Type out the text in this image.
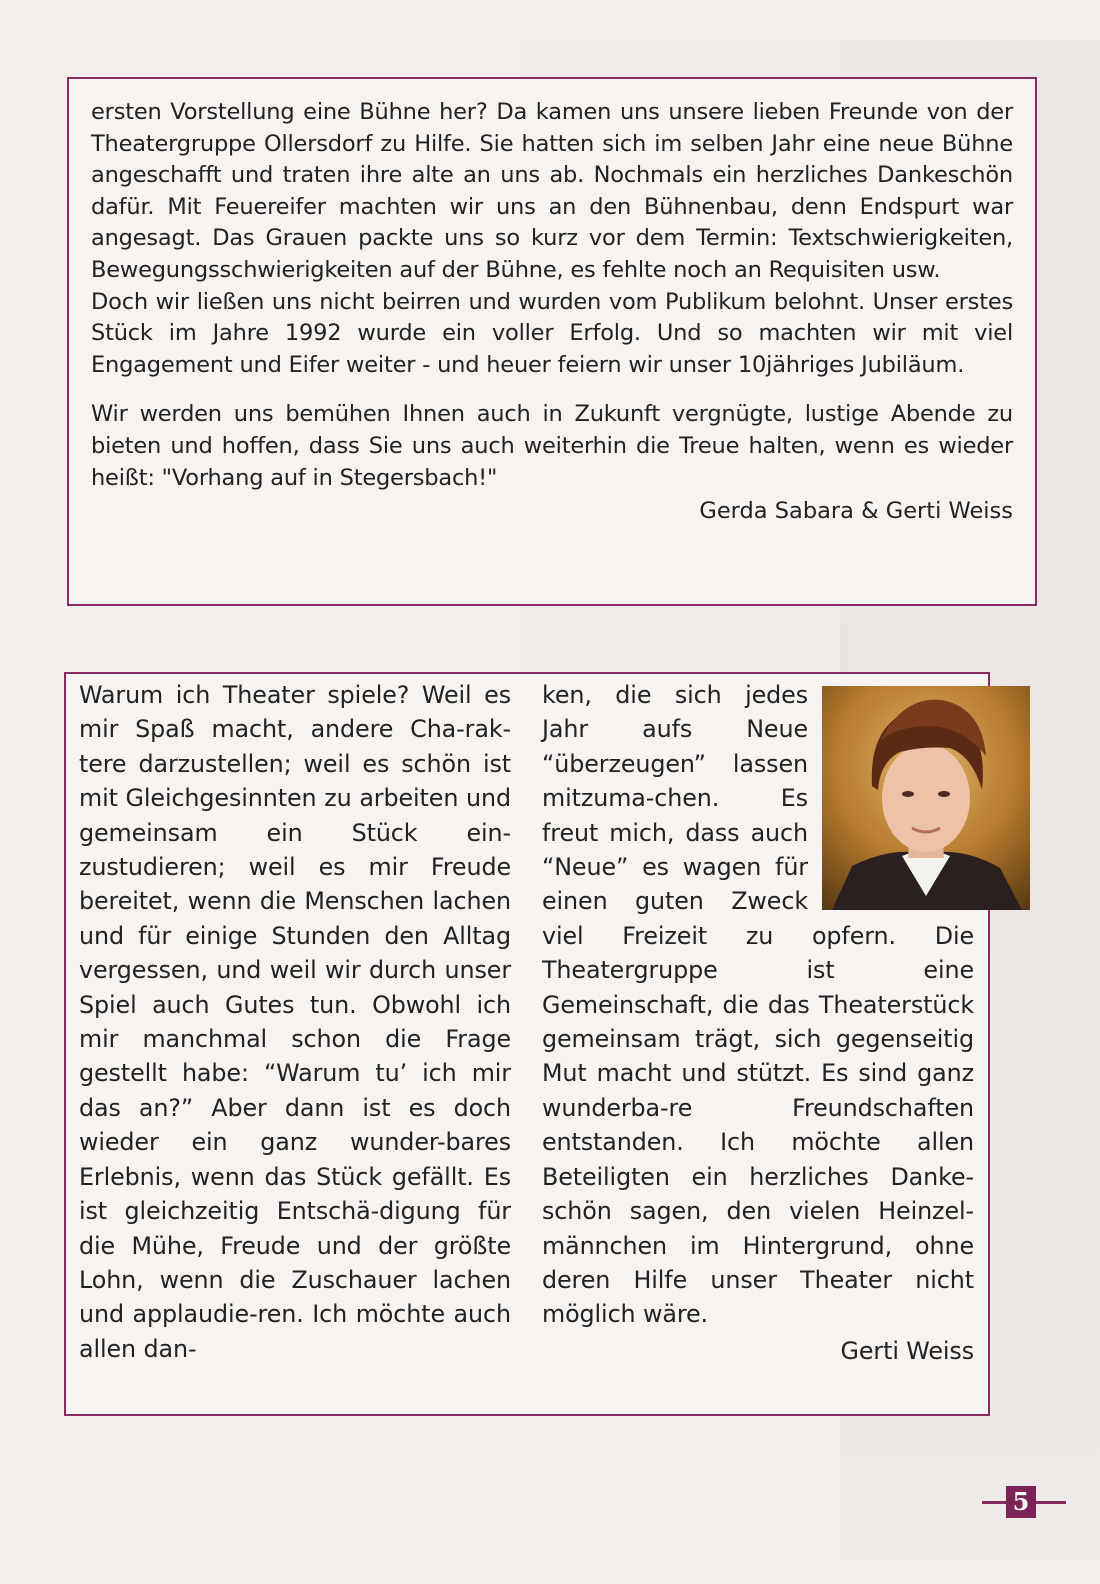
ersten Vorstellung eine Bühne her? Da kamen uns unsere lieben Freunde von der Theatergruppe Ollersdorf zu Hilfe. Sie hatten sich im selben Jahr eine neue Bühne angeschafft und traten ihre alte an uns ab. Nochmals ein herzliches Dankeschön dafür. Mit Feuereifer machten wir uns an den Bühnenbau, denn Endspurt war angesagt. Das Grauen packte uns so kurz vor dem Termin: Textschwierigkeiten, Bewegungsschwierigkeiten auf der Bühne, es fehlte noch an Requisiten usw.

Doch wir ließen uns nicht beirren und wurden vom Publikum belohnt. Unser erstes Stück im Jahre 1992 wurde ein voller Erfolg. Und so machten wir mit viel Engagement und Eifer weiter - und heuer feiern wir unser 10jähriges Jubiläum.

Wir werden uns bemühen Ihnen auch in Zukunft vergnügte, lustige Abende zu bieten und hoffen, dass Sie uns auch weiterhin die Treue halten, wenn es wieder heißt: "Vorhang auf in Stegersbach!"

Gerda Sabara & Gerti Weiss

Warum ich Theater spiele? Weil es mir Spaß macht, andere Cha-rak-tere darzustellen; weil es schön ist mit Gleichgesinnten zu arbeiten und gemeinsam ein Stück ein-zustudieren; weil es mir Freude bereitet, wenn die Menschen lachen und für einige Stunden den Alltag vergessen, und weil wir durch unser Spiel auch Gutes tun. Obwohl ich mir manchmal schon die Frage gestellt habe: “Warum tu’ ich mir das an?” Aber dann ist es doch wieder ein ganz wunder-bares Erlebnis, wenn das Stück gefällt. Es ist gleichzeitig Entschä-digung für die Mühe, Freude und der größte Lohn, wenn die Zuschauer lachen und applaudie-ren. Ich möchte auch allen dan-

ken, die sich jedes Jahr aufs Neue “überzeugen” lassen mitzuma-chen. Es freut mich, dass auch “Neue” es wagen für einen guten Zweck viel Freizeit zu opfern. Die Theatergruppe ist eine Gemeinschaft, die das Theaterstück gemeinsam trägt, sich gegenseitig Mut macht und stützt. Es sind ganz wunderba-re Freundschaften entstanden. Ich möchte allen Beteiligten ein herzliches Danke-schön sagen, den vielen Heinzel-männchen im Hintergrund, ohne deren Hilfe unser Theater nicht möglich wäre.

Gerti Weiss
5
